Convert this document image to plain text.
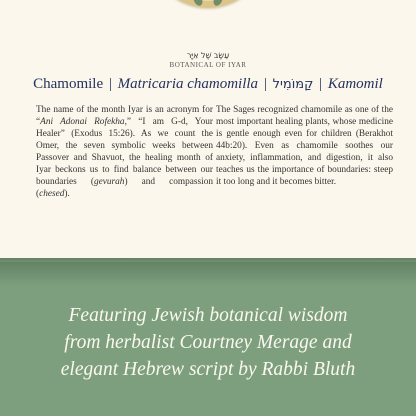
עֵשֶׂב שֶׁל אִיָּר
BOTANICAL OF IYAR
Chamomile | Matricaria chamomilla | קַמּוֹמִיל | Kamomil
The name of the month Iyar is an acronym for “Ani Adonai Rofekha,” “I am G-d, Your Healer” (Exodus 15:26). As we count the Omer, the seven symbolic weeks between Passover and Shavuot, the healing month of Iyar beckons us to find balance between our boundaries (gevurah) and compassion (chesed).
The Sages recognized chamomile as one of the most important healing plants, whose medicine is gentle enough even for children (Berakhot 44b:20). Even as chamomile soothes our anxiety, inflammation, and digestion, it also teaches us the importance of boundaries: steep it too long and it becomes bitter.
Featuring Jewish botanical wisdom
from herbalist Courtney Merage and
elegant Hebrew script by Rabbi Bluth
